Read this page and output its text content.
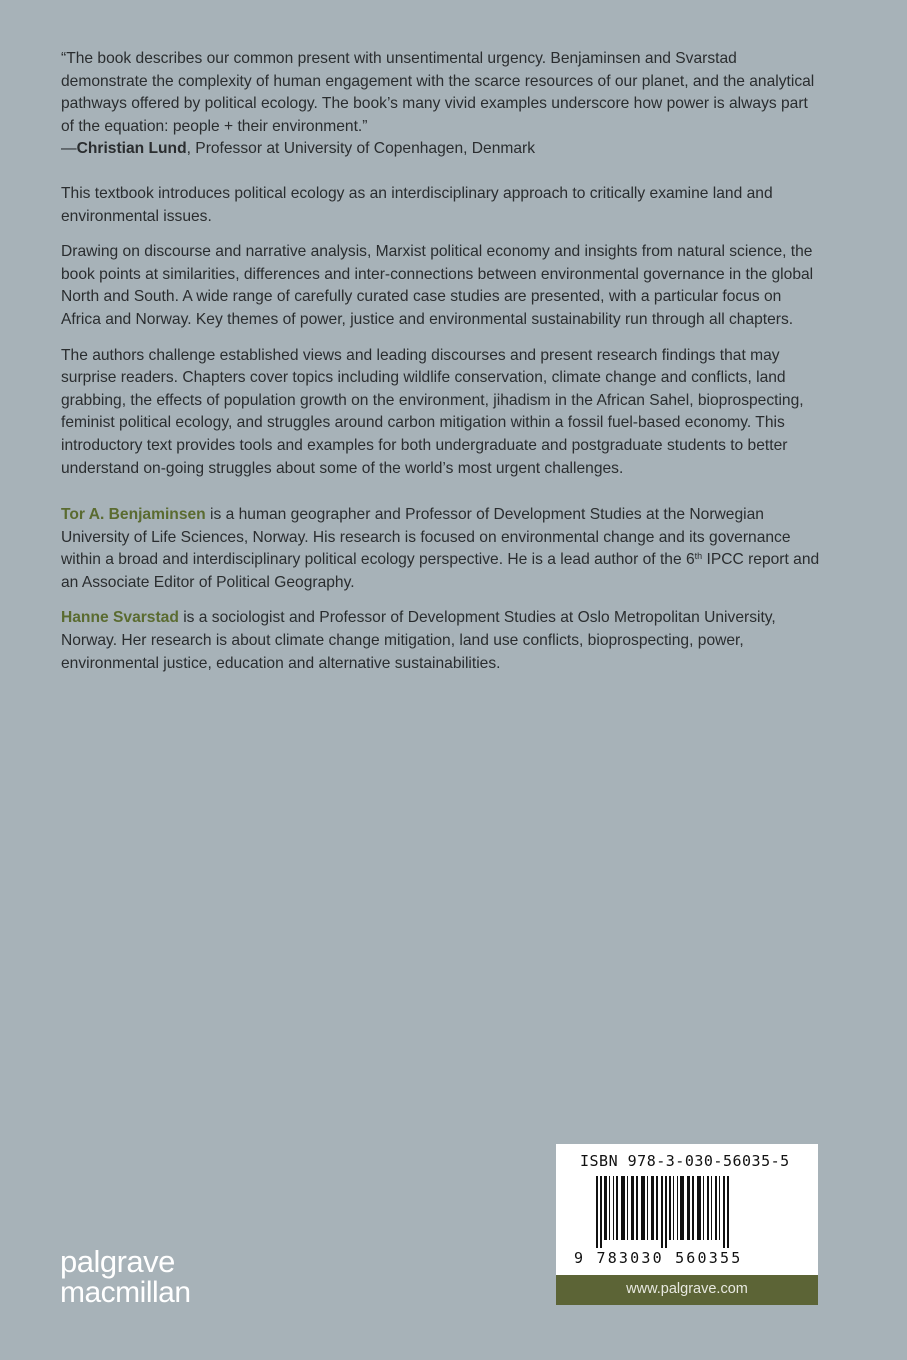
“The book describes our common present with unsentimental urgency. Benjaminsen and Svarstad demonstrate the complexity of human engagement with the scarce resources of our planet, and the analytical pathways offered by political ecology. The book’s many vivid examples underscore how power is always part of the equation: people + their environment.”

—Christian Lund, Professor at University of Copenhagen, Denmark

This textbook introduces political ecology as an interdisciplinary approach to critically examine land and environmental issues.

Drawing on discourse and narrative analysis, Marxist political economy and insights from natural science, the book points at similarities, differences and inter-connections between environmental governance in the global North and South. A wide range of carefully curated case studies are presented, with a particular focus on Africa and Norway. Key themes of power, justice and environmental sustainability run through all chapters.

The authors challenge established views and leading discourses and present research findings that may surprise readers. Chapters cover topics including wildlife conservation, climate change and conflicts, land grabbing, the effects of population growth on the environment, jihadism in the African Sahel, bioprospecting, feminist political ecology, and struggles around carbon mitigation within a fossil fuel-based economy. This introductory text provides tools and examples for both undergraduate and postgraduate students to better understand on-going struggles about some of the world’s most urgent challenges.

Tor A. Benjaminsen is a human geographer and Professor of Development Studies at the Norwegian University of Life Sciences, Norway. His research is focused on environmental change and its governance within a broad and interdisciplinary political ecology perspective. He is a lead author of the 6th IPCC report and an Associate Editor of Political Geography.

Hanne Svarstad is a sociologist and Professor of Development Studies at Oslo Metropolitan University, Norway. Her research is about climate change mitigation, land use conflicts, bioprospecting, power, environmental justice, education and alternative sustainabilities.

palgrave
macmillan
ISBN 978-3-030-56035-5
9 783030 560355
www.palgrave.com
